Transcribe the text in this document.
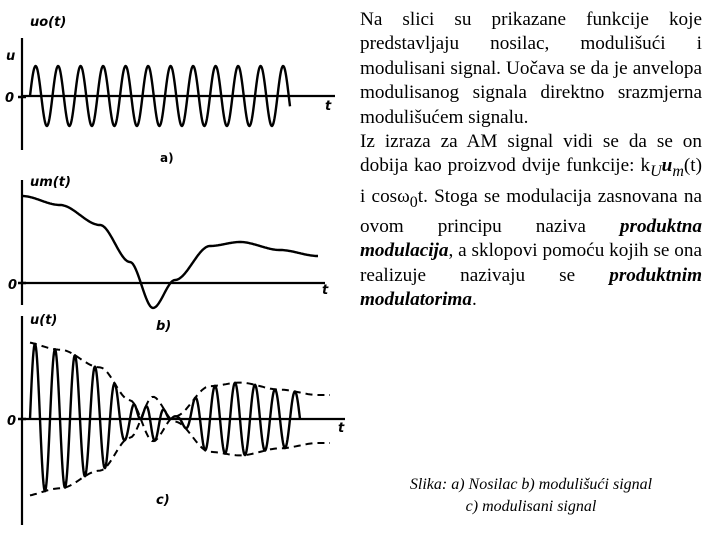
uo(t)
u
0
t
a)
um(t)
0	t
b)
u(t)
0	t
c)

Na slici su prikazane funkcije koje predstavljaju nosilac, modulišući i modulisani signal. Uočava se da je anvelopa modulisanog signala direktno srazmjerna modulišućem signalu.

Iz izraza za AM signal vidi se da se on dobija kao proizvod dvije funkcije: $k_Uu_m(t)$ i cosω$_0$t. Stoga se modulacija zasnovana na ovom principu naziva produktna modulacija, a sklopovi pomoću kojih se ona realizuje nazivaju se produktnim modulatorima.

Slika: a) Nosilac b) modulišući signal
c) modulisani signal
